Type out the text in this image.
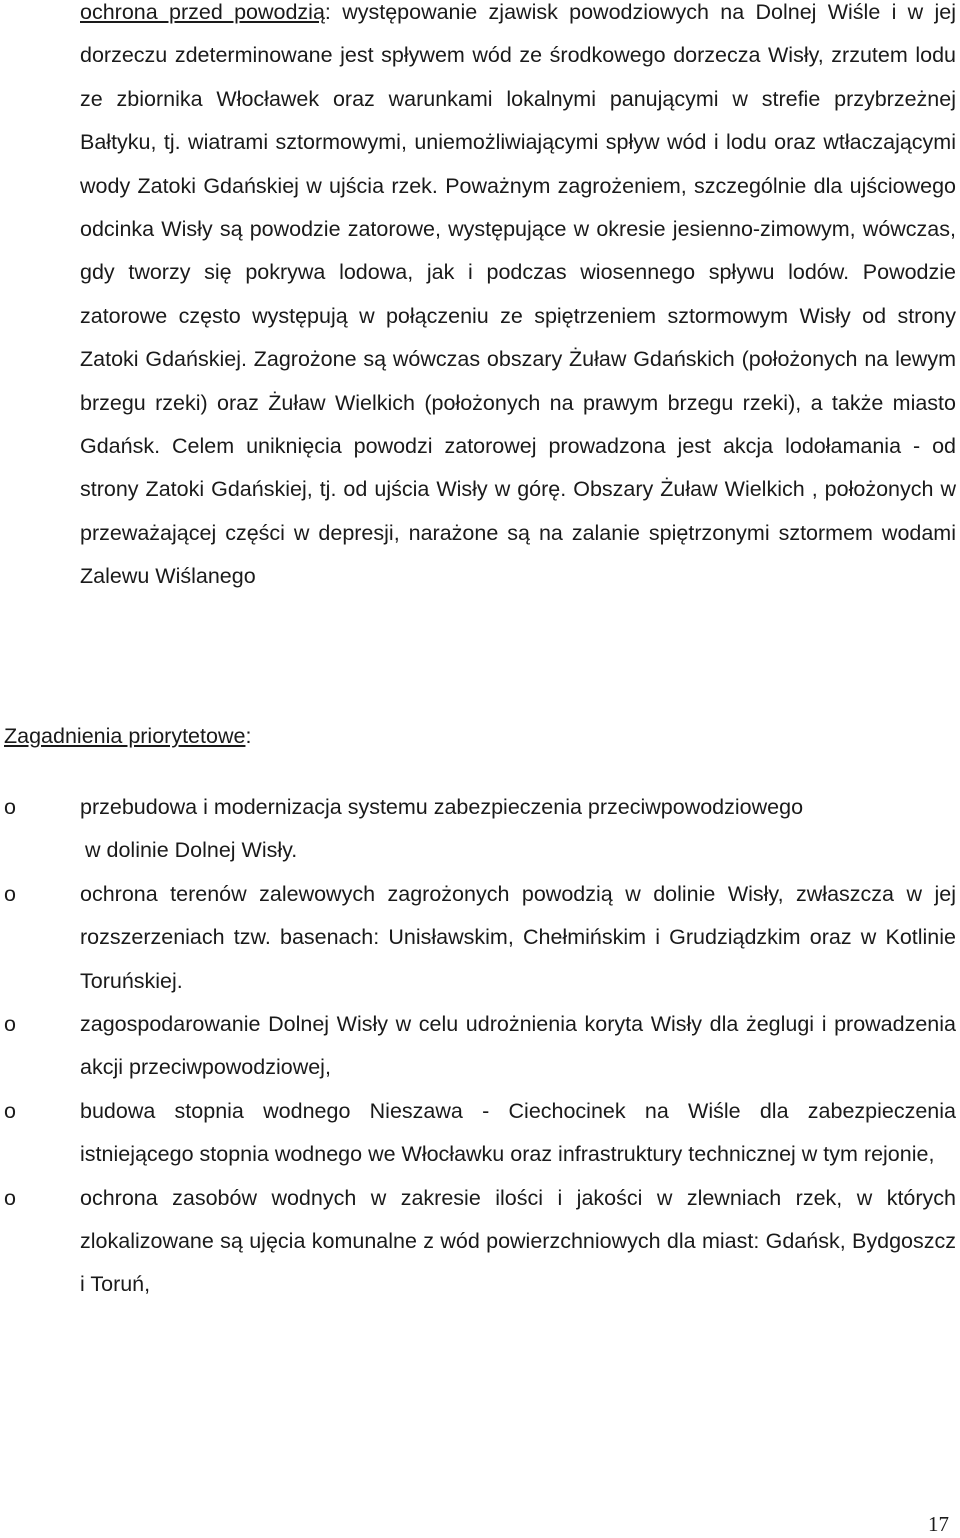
ochrona przed powodzią: występowanie zjawisk powodziowych na Dolnej Wiśle i w jej dorzeczu zdeterminowane jest spływem wód ze środkowego dorzecza Wisły, zrzutem lodu ze zbiornika Włocławek oraz warunkami lokalnymi panującymi w strefie przybrzeżnej Bałtyku, tj. wiatrami sztormowymi, uniemożliwiającymi spływ wód i lodu oraz wtłaczającymi wody Zatoki Gdańskiej w ujścia rzek. Poważnym zagrożeniem, szczególnie dla ujściowego odcinka Wisły są powodzie zatorowe, występujące w okresie jesienno-zimowym, wówczas, gdy tworzy się pokrywa lodowa, jak i podczas wiosennego spływu lodów. Powodzie zatorowe często występują w połączeniu ze spiętrzeniem sztormowym Wisły od strony Zatoki Gdańskiej. Zagrożone są wówczas obszary Żuław Gdańskich (położonych na lewym brzegu rzeki) oraz Żuław Wielkich (położonych na prawym brzegu rzeki), a także miasto Gdańsk. Celem uniknięcia powodzi zatorowej prowadzona jest akcja lodołamania - od strony Zatoki Gdańskiej, tj. od ujścia Wisły w górę. Obszary Żuław Wielkich , położonych w przeważającej części w depresji, narażone są na zalanie spiętrzonymi sztormem wodami Zalewu Wiślanego

Zagadnienia priorytetowe:

o	przebudowa i modernizacja systemu zabezpieczenia przeciwpowodziowego
w dolinie Dolnej Wisły.

o	ochrona terenów zalewowych zagrożonych powodzią w dolinie Wisły, zwłaszcza w jej rozszerzeniach tzw. basenach: Unisławskim, Chełmińskim i Grudziądzkim oraz w Kotlinie Toruńskiej.

o	zagospodarowanie Dolnej Wisły w celu udrożnienia koryta Wisły dla żeglugi i prowadzenia akcji przeciwpowodziowej,

o	budowa stopnia wodnego Nieszawa - Ciechocinek na Wiśle dla zabezpieczenia istniejącego stopnia wodnego we Włocławku oraz infrastruktury technicznej w tym rejonie,

o	ochrona zasobów wodnych w zakresie ilości i jakości w zlewniach rzek, w których zlokalizowane są ujęcia komunalne z wód powierzchniowych dla miast: Gdańsk, Bydgoszcz i Toruń,

17
